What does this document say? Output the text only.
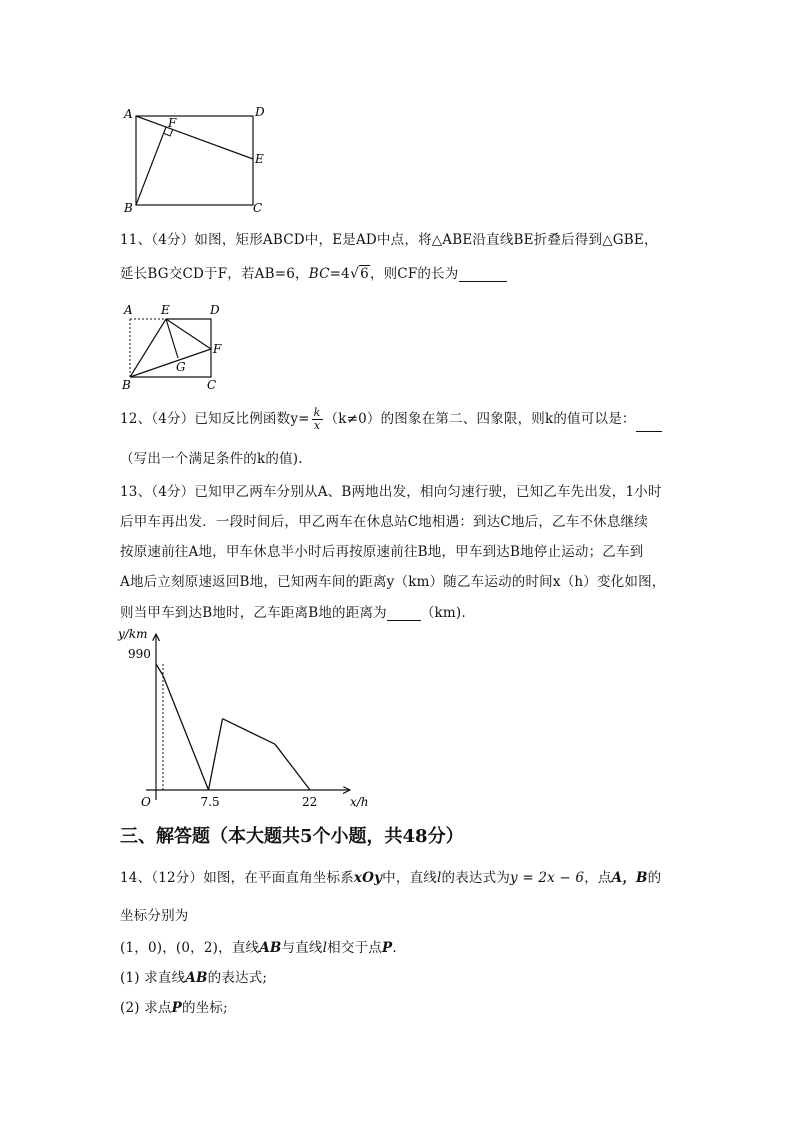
A	D
F
E
B	C
11、（4分）如图，矩形ABCD中，E是AD中点，将△ABE沿直线BE折叠后得到△GBE，
延长BG交CD于F，若AB=6，BC=4√6，则CF的长为
A E	D
G
F
B	C
12、（4分）已知反比例函数$y= \frac{k}{x} (k\ne 0)$的图象在第二、四象限，则k的值可以是：
（写出一个满足条件的k的值).
13、（4分）已知甲乙两车分别从A、B两地出发，相向匀速行驶，已知乙车先出发，1小时
后甲车再出发．一段时间后，甲乙两车在休息站C地相遇：到达C地后，乙车不休息继续
按原速前往A地，甲车休息半小时后再按原速前往B地，甲车到达B地停止运动；乙车到
A地后立刻原速返回B地，已知两车间的距离y（km）随乙车运动的时间x（h）变化如图，
则当甲车到达B地时，乙车距离B地的距离为	（km).
y/km
x/h
O
990
7.5	22
三、解答题（本大题共5个小题，共48分）
14、（12分）如图，在平面直角坐标系xOy中，直线l的表达式为y = 2x − 6，点A，B的
坐标分别为
(1，0)，(0，2)，直线AB与直线l相交于点P.
(1) 求直线AB的表达式;
(2) 求点P的坐标;
